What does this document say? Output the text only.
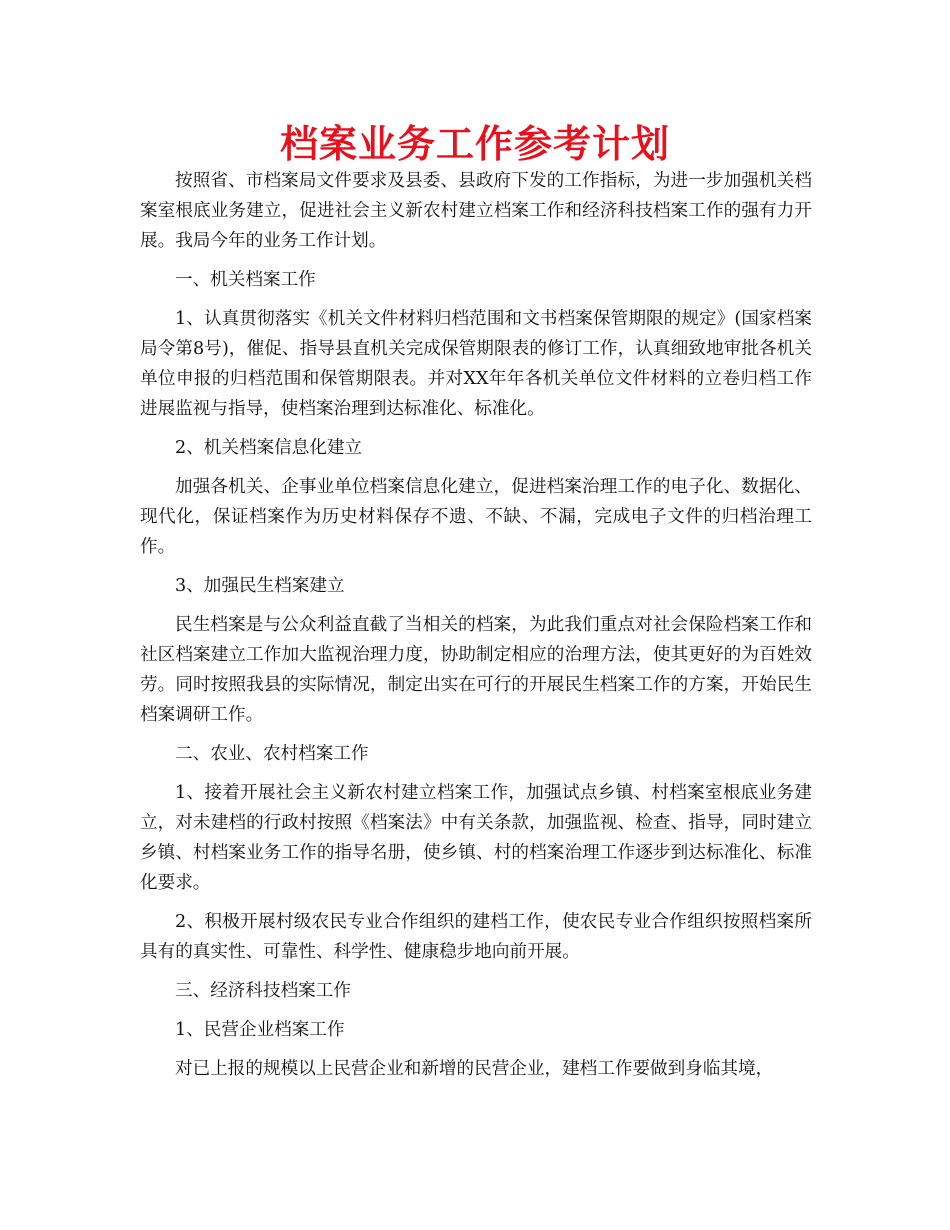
档案业务工作参考计划

按照省、市档案局文件要求及县委、县政府下发的工作指标，为进一步加强机关档案室根底业务建立，促进社会主义新农村建立档案工作和经济科技档案工作的强有力开展。我局今年的业务工作计划。

一、机关档案工作

1、认真贯彻落实《机关文件材料归档范围和文书档案保管期限的规定》(国家档案局令第8号)，催促、指导县直机关完成保管期限表的修订工作，认真细致地审批各机关单位申报的归档范围和保管期限表。并对XX年年各机关单位文件材料的立卷归档工作进展监视与指导，使档案治理到达标准化、标准化。

2、机关档案信息化建立

加强各机关、企事业单位档案信息化建立，促进档案治理工作的电子化、数据化、现代化，保证档案作为历史材料保存不遗、不缺、不漏，完成电子文件的归档治理工作。

3、加强民生档案建立

民生档案是与公众利益直截了当相关的档案，为此我们重点对社会保险档案工作和社区档案建立工作加大监视治理力度，协助制定相应的治理方法，使其更好的为百姓效劳。同时按照我县的实际情况，制定出实在可行的开展民生档案工作的方案，开始民生档案调研工作。

二、农业、农村档案工作

1、接着开展社会主义新农村建立档案工作，加强试点乡镇、村档案室根底业务建立，对未建档的行政村按照《档案法》中有关条款，加强监视、检查、指导，同时建立乡镇、村档案业务工作的指导名册，使乡镇、村的档案治理工作逐步到达标准化、标准化要求。

2、积极开展村级农民专业合作组织的建档工作，使农民专业合作组织按照档案所具有的真实性、可靠性、科学性、健康稳步地向前开展。

三、经济科技档案工作

1、民营企业档案工作

对已上报的规模以上民营企业和新增的民营企业，建档工作要做到身临其境，
